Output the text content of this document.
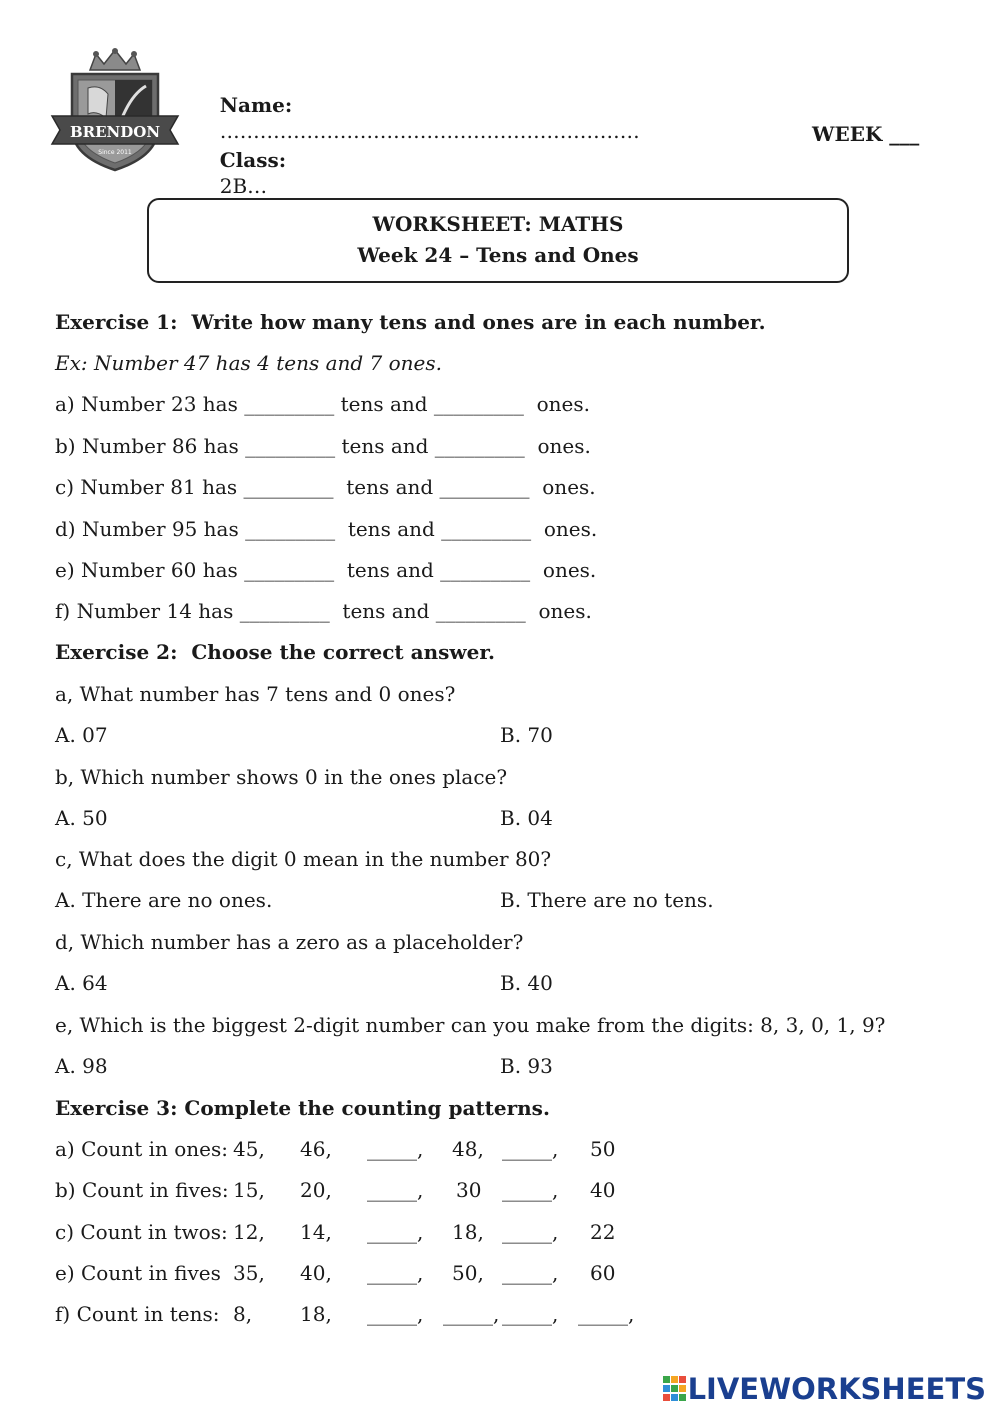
BRENDON
Since 2011

Name:
………………………………………………………

Class:
2B…

WEEK ___
WORKSHEET: MATHS
Week 24 – Tens and Ones
Exercise 1:  Write how many tens and ones are in each number.
Ex: Number 47 has 4 tens and 7 ones.
a) Number 23 has _________ tens and _________  ones.
b) Number 86 has _________ tens and _________  ones.
c) Number 81 has _________  tens and _________  ones.
d) Number 95 has _________  tens and _________  ones.
e) Number 60 has _________  tens and _________  ones.
f) Number 14 has _________  tens and _________  ones.
Exercise 2:  Choose the correct answer.
a, What number has 7 tens and 0 ones?
A. 07	B. 70
b, Which number shows 0 in the ones place?
A. 50	B. 04
c, What does the digit 0 mean in the number 80?
A. There are no ones.	B. There are no tens.
d, Which number has a zero as a placeholder?
A. 64	B. 40
e, Which is the biggest 2-digit number can you make from the digits: 8, 3, 0, 1, 9?
A. 98	B. 93
Exercise 3: Complete the counting patterns.
a) Count in ones: 45, 46, _____, 48, _____, 50
b) Count in fives: 15, 20, _____, 30 _____, 40
c) Count in twos: 12, 14, _____, 18, _____, 22
e) Count in fives 35, 40, _____, 50, _____, 60
f) Count in tens: 8, 18, _____, _____, _____, _____,
LIVEWORKSHEETS
